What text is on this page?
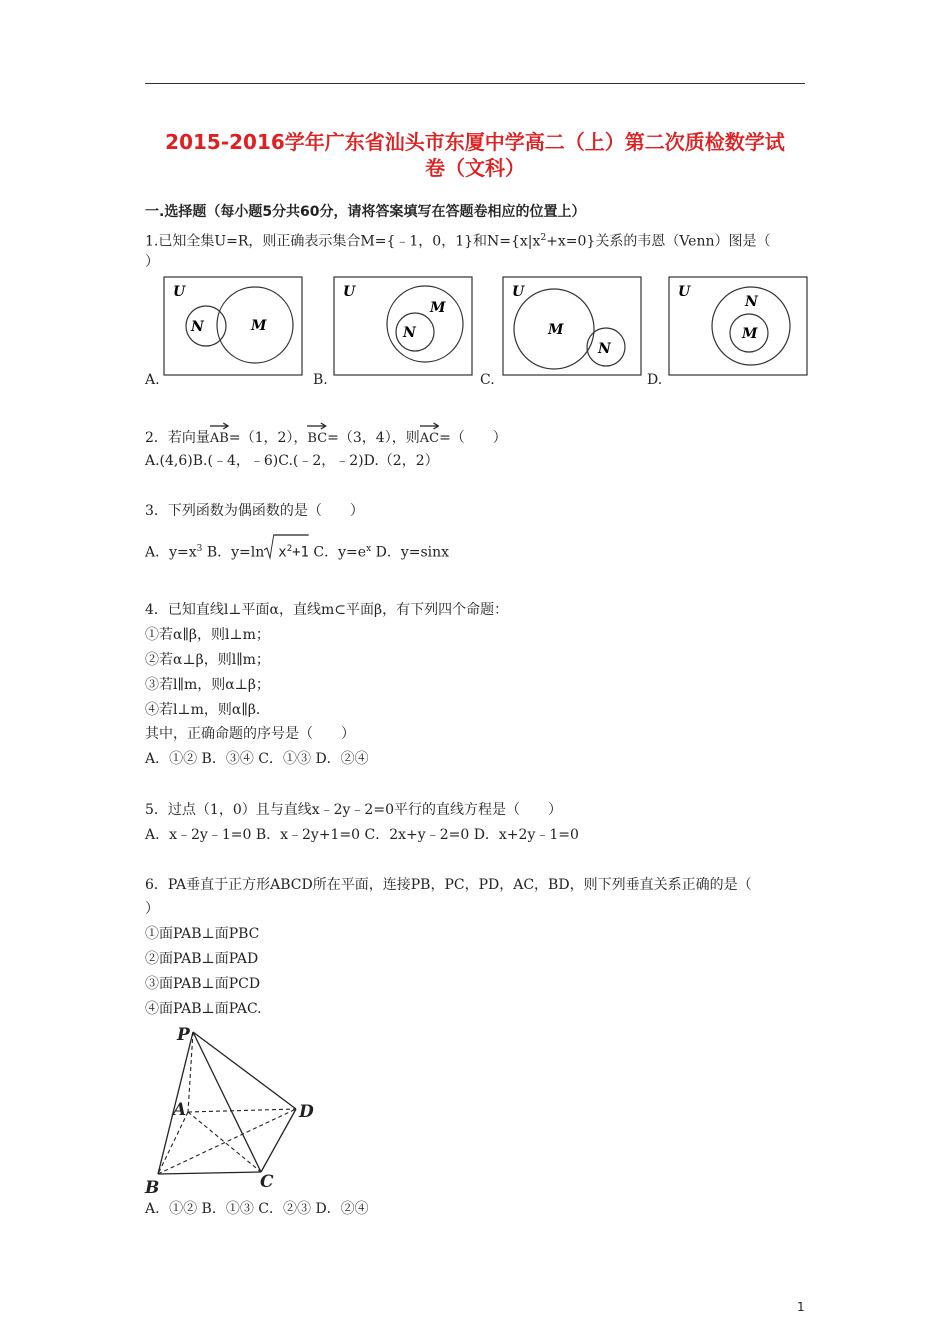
2015-2016学年广东省汕头市东厦中学高二（上）第二次质检数学试
卷（文科）
一.选择题（每小题5分共60分，请将答案填写在答题卷相应的位置上）
1.已知全集U=R，则正确表示集合M={﹣1，0，1}和$N=\{x|x^2+x=0\}$关系的韦恩（Venn）图是（
）
U
M
N
U
M
N
U
M
N
U
N
M
A.	B.	C.	D.
2．若向量
AB=（1，2），
BC=（3，4），则
AC=（　　）
A.(4,6)B.(﹣4，﹣6)C.(﹣2，﹣2)D.（2，2）
3．下列函数为偶函数的是（　　）
A．$y=x^3$ B．y=ln $x^2+1$ C．$y=e^x$ D．y=sinx
4．已知直线l⊥平面α，直线m⊂平面β，有下列四个命题：
①若α∥β，则l⊥m；
②若α⊥β，则l∥m；
③若l∥m，则α⊥β；
④若l⊥m，则α∥β．
其中，正确命题的序号是（　　）
A．①② B．③④ C．①③ D．②④
5．过点（1，0）且与直线x﹣2y﹣2=0平行的直线方程是（　　）
A．x﹣2y﹣1=0 B．x﹣2y+1=0 C．2x+y﹣2=0 D．x+2y﹣1=0
6．PA垂直于正方形ABCD所在平面，连接PB，PC，PD，AC，BD，则下列垂直关系正确的是（
）
①面PAB⊥面PBC
②面PAB⊥面PAD
③面PAB⊥面PCD
④面PAB⊥面PAC.
P
A
B	C
D
A．①② B．①③ C．②③ D．②④
1
